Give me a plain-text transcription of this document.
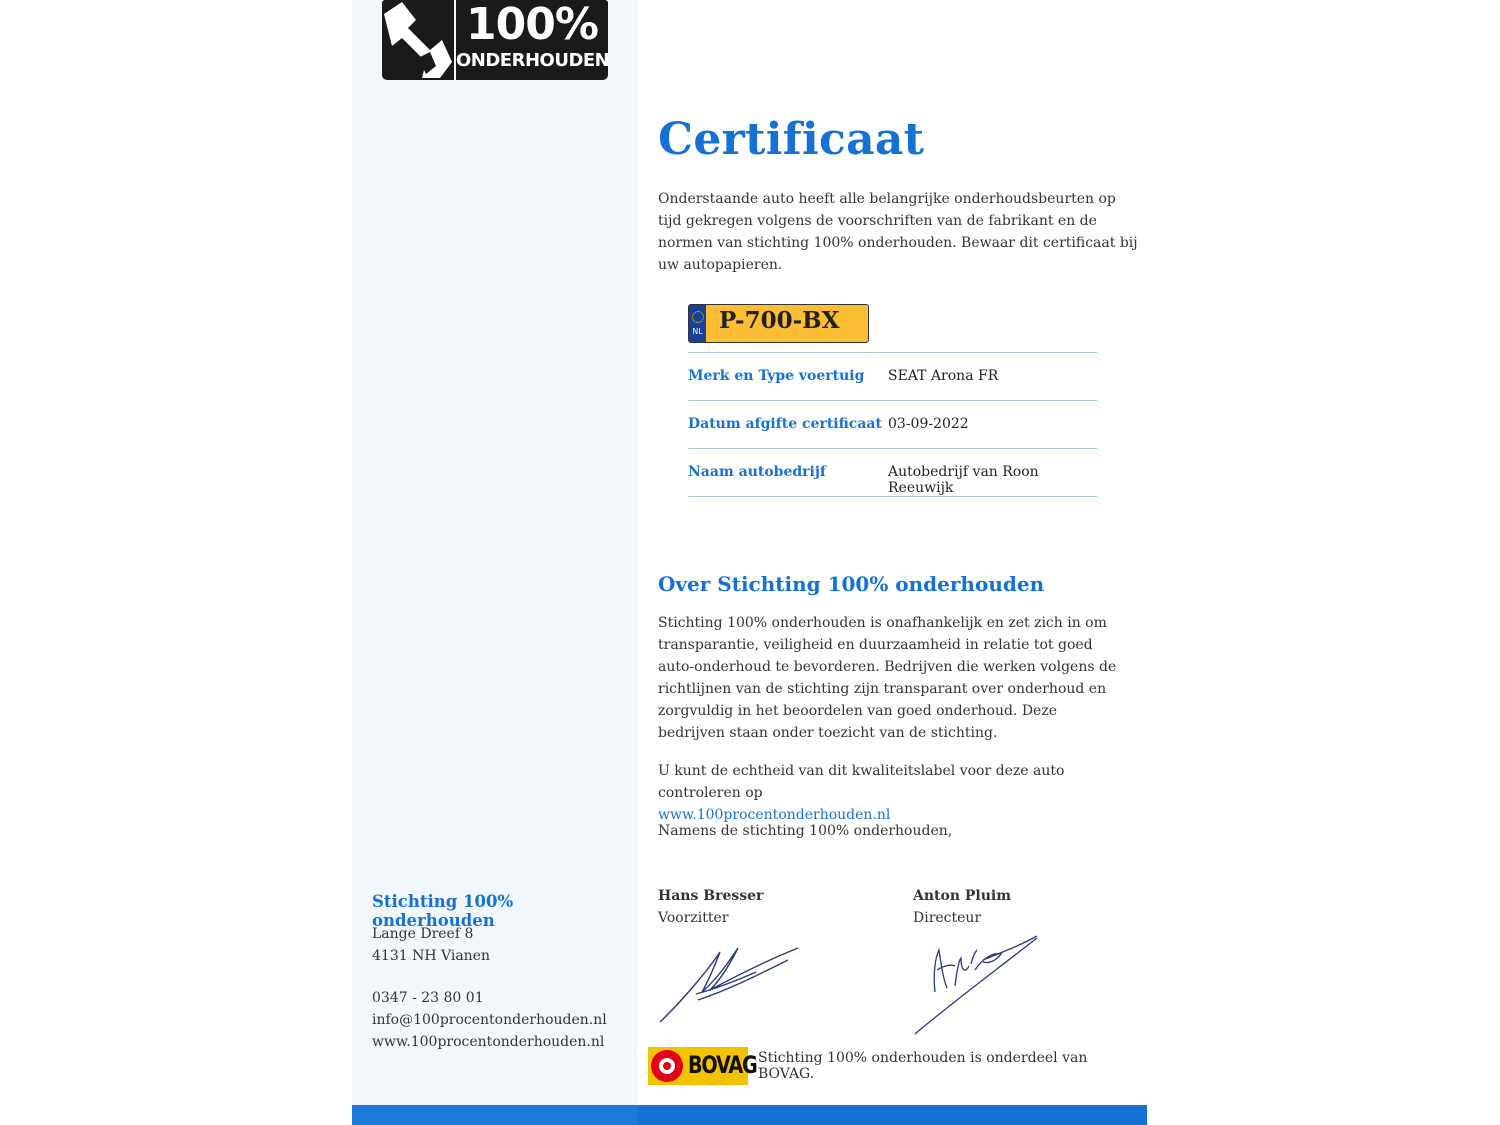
100%
ONDERHOUDEN
Stichting 100% onderhouden
Lange Dreef 8
4131 NH Vianen
0347 - 23 80 01
info@100procentonderhouden.nl
www.100procentonderhouden.nl
Certificaat
Onderstaande auto heeft alle belangrijke onderhoudsbeurten op tijd gekregen volgens de voorschriften van de fabrikant en de normen van stichting 100% onderhouden. Bewaar dit certificaat bij uw autopapieren.
NL P-700-BX
Merk en Type voertuig SEAT Arona FR
Datum afgifte certificaat 03-09-2022
Naam autobedrijf	Autobedrijf van Roon Reeuwijk
Over Stichting 100% onderhouden
Stichting 100% onderhouden is onafhankelijk en zet zich in om transparantie, veiligheid en duurzaamheid in relatie tot goed auto-onderhoud te bevorderen. Bedrijven die werken volgens de richtlijnen van de stichting zijn transparant over onderhoud en zorgvuldig in het beoordelen van goed onderhoud. Deze bedrijven staan onder toezicht van de stichting.
U kunt de echtheid van dit kwaliteitslabel voor deze auto controleren op
www.100procentonderhouden.nl
Namens de stichting 100% onderhouden,
Hans Bresser
Voorzitter
Anton Pluim
Directeur
BOVAG Stichting 100% onderhouden is onderdeel van BOVAG.
